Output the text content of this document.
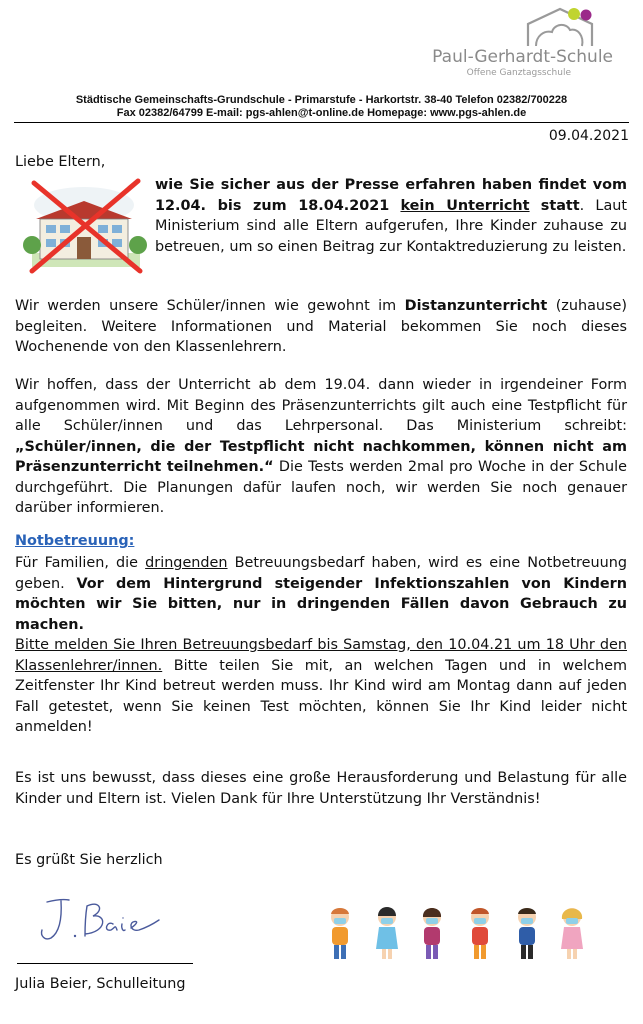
Paul-Gerhardt-Schule
Offene Ganztagsschule
Städtische Gemeinschafts-Grundschule - Primarstufe - Harkortstr. 38-40 Telefon 02382/700228
Fax 02382/64799 E-mail: pgs-ahlen@t-online.de Homepage: www.pgs-ahlen.de
09.04.2021
Liebe Eltern,
wie Sie sicher aus der Presse erfahren haben findet vom 12.04. bis zum 18.04.2021 kein Unterricht statt. Laut Ministerium sind alle Eltern aufgerufen, Ihre Kinder zuhause zu betreuen, um so einen Beitrag zur Kontaktreduzierung zu leisten.
Wir werden unsere Schüler/innen wie gewohnt im Distanzunterricht (zuhause) begleiten. Weitere Informationen und Material bekommen Sie noch dieses Wochenende von den Klassenlehrern.
Wir hoffen, dass der Unterricht ab dem 19.04. dann wieder in irgendeiner Form aufgenommen wird. Mit Beginn des Präsenzunterrichts gilt auch eine Testpflicht für alle Schüler/innen und das Lehrpersonal. Das Ministerium schreibt: „Schüler/innen, die der Testpflicht nicht nachkommen, können nicht am Präsenzunterricht teilnehmen.“ Die Tests werden 2mal pro Woche in der Schule durchgeführt. Die Planungen dafür laufen noch, wir werden Sie noch genauer darüber informieren.
Notbetreuung:
Für Familien, die dringenden Betreuungsbedarf haben, wird es eine Notbetreuung geben. Vor dem Hintergrund steigender Infektionszahlen von Kindern möchten wir Sie bitten, nur in dringenden Fällen davon Gebrauch zu machen.
Bitte melden Sie Ihren Betreuungsbedarf bis Samstag, den 10.04.21 um 18 Uhr den Klassenlehrer/innen. Bitte teilen Sie mit, an welchen Tagen und in welchem Zeitfenster Ihr Kind betreut werden muss. Ihr Kind wird am Montag dann auf jeden Fall getestet, wenn Sie keinen Test möchten, können Sie Ihr Kind leider nicht anmelden!
Es ist uns bewusst, dass dieses eine große Herausforderung und Belastung für alle Kinder und Eltern ist. Vielen Dank für Ihre Unterstützung Ihr Verständnis!
Es grüßt Sie herzlich
Julia Beier, Schulleitung
